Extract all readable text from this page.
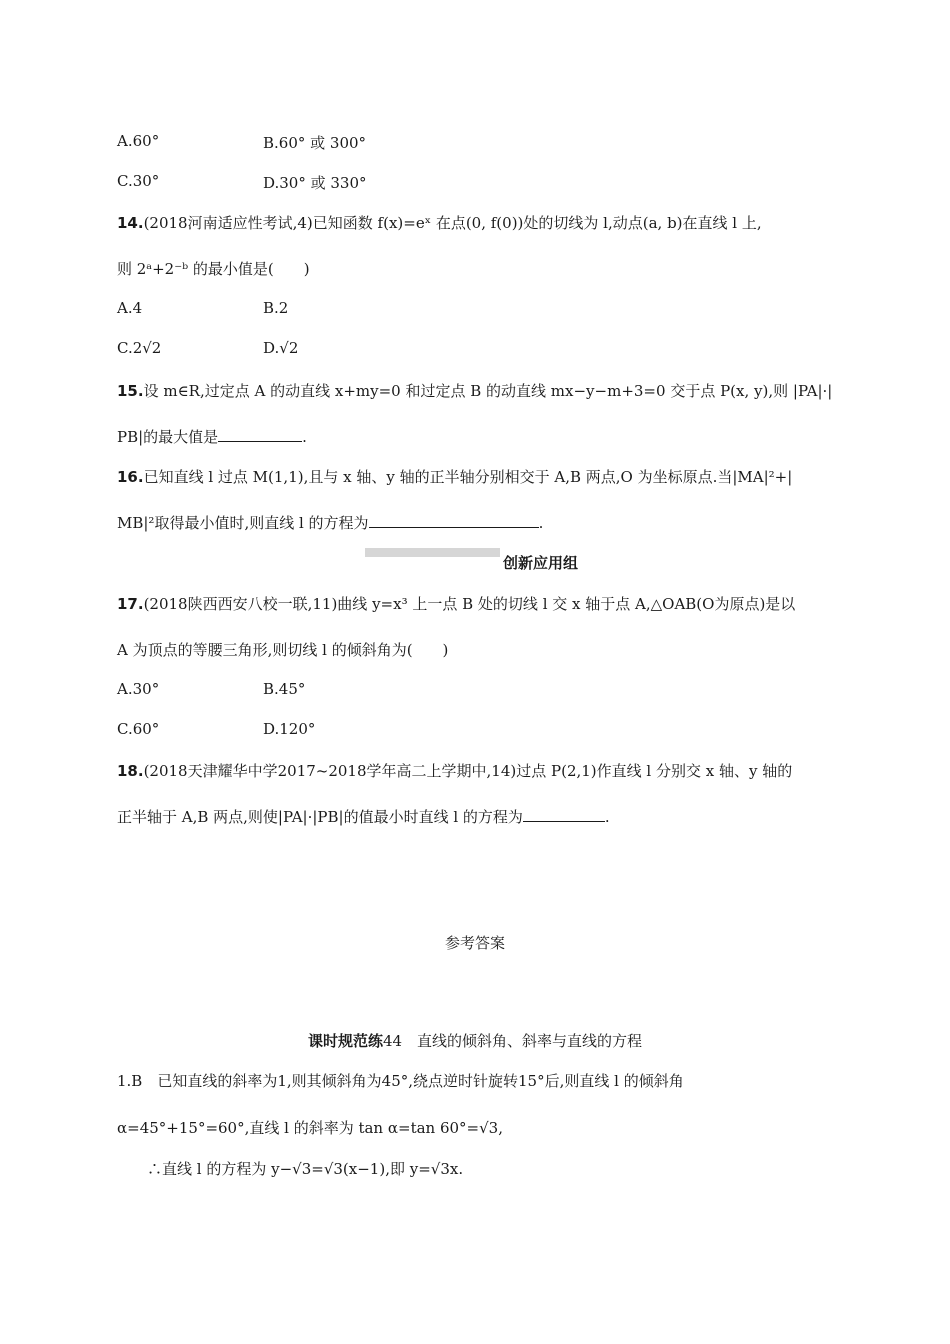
A.60°	B.60° 或 300°
C.30°	D.30° 或 330°
14.(2018河南适应性考试,4)已知函数 f(x)=eˣ 在点(0, f(0))处的切线为 l,动点(a, b)在直线 l 上,
则 2ᵃ+2⁻ᵇ 的最小值是(　　)
A.4	B.2
C.2√2	D.√2
15.设 m∈R,过定点 A 的动直线 x+my=0 和过定点 B 的动直线 mx−y−m+3=0 交于点 P(x, y),则 |PA|·|
PB|的最大值是	.
16.已知直线 l 过点 M(1,1),且与 x 轴、y 轴的正半轴分别相交于 A,B 两点,O 为坐标原点.当|MA|²+|
MB|²取得最小值时,则直线 l 的方程为	.
创新应用组
17.(2018陕西西安八校一联,11)曲线 y=x³ 上一点 B 处的切线 l 交 x 轴于点 A,△OAB(O为原点)是以
A 为顶点的等腰三角形,则切线 l 的倾斜角为(　　)
A.30°	B.45°
C.60°	D.120°
18.(2018天津耀华中学2017~2018学年高二上学期中,14)过点 P(2,1)作直线 l 分别交 x 轴、y 轴的
正半轴于 A,B 两点,则使|PA|·|PB|的值最小时直线 l 的方程为	.
参考答案
课时规范练44　直线的倾斜角、斜率与直线的方程
1.B　已知直线的斜率为1,则其倾斜角为45°,绕点逆时针旋转15°后,则直线 l 的倾斜角
α=45°+15°=60°,直线 l 的斜率为 tan α=tan 60°=√3,
∴直线 l 的方程为 y−√3=√3(x−1),即 y=√3x.
